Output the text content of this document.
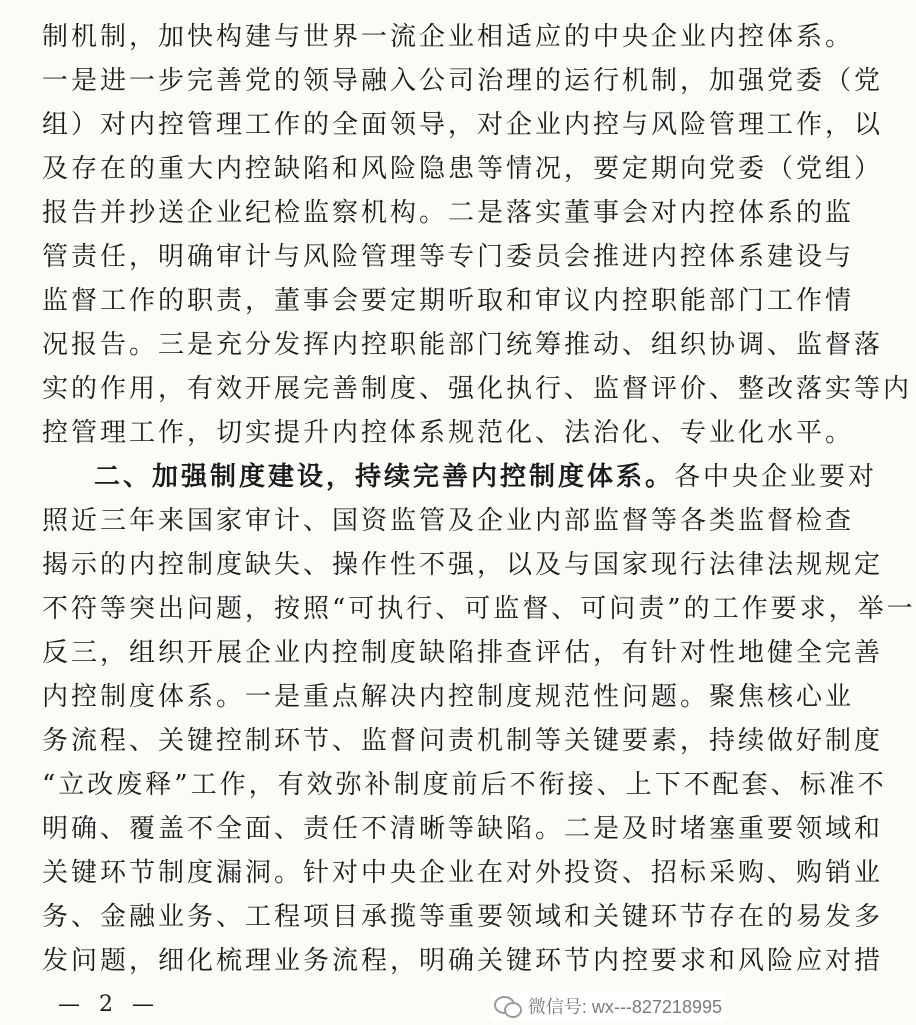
制机制，加快构建与世界一流企业相适应的中央企业内控体系。
一是进一步完善党的领导融入公司治理的运行机制，加强党委（党
组）对内控管理工作的全面领导，对企业内控与风险管理工作，以
及存在的重大内控缺陷和风险隐患等情况，要定期向党委（党组）
报告并抄送企业纪检监察机构。二是落实董事会对内控体系的监
管责任，明确审计与风险管理等专门委员会推进内控体系建设与
监督工作的职责，董事会要定期听取和审议内控职能部门工作情
况报告。三是充分发挥内控职能部门统筹推动、组织协调、监督落
实的作用，有效开展完善制度、强化执行、监督评价、整改落实等内
控管理工作，切实提升内控体系规范化、法治化、专业化水平。
二、加强制度建设，持续完善内控制度体系。各中央企业要对
照近三年来国家审计、国资监管及企业内部监督等各类监督检查
揭示的内控制度缺失、操作性不强，以及与国家现行法律法规规定
不符等突出问题，按照“可执行、可监督、可问责”的工作要求，举一
反三，组织开展企业内控制度缺陷排查评估，有针对性地健全完善
内控制度体系。一是重点解决内控制度规范性问题。聚焦核心业
务流程、关键控制环节、监督问责机制等关键要素，持续做好制度
“立改废释”工作，有效弥补制度前后不衔接、上下不配套、标准不
明确、覆盖不全面、责任不清晰等缺陷。二是及时堵塞重要领域和
关键环节制度漏洞。针对中央企业在对外投资、招标采购、购销业
务、金融业务、工程项目承揽等重要领域和关键环节存在的易发多
发问题，细化梳理业务流程，明确关键环节内控要求和风险应对措
— 2 —	微信号: wx---827218995
